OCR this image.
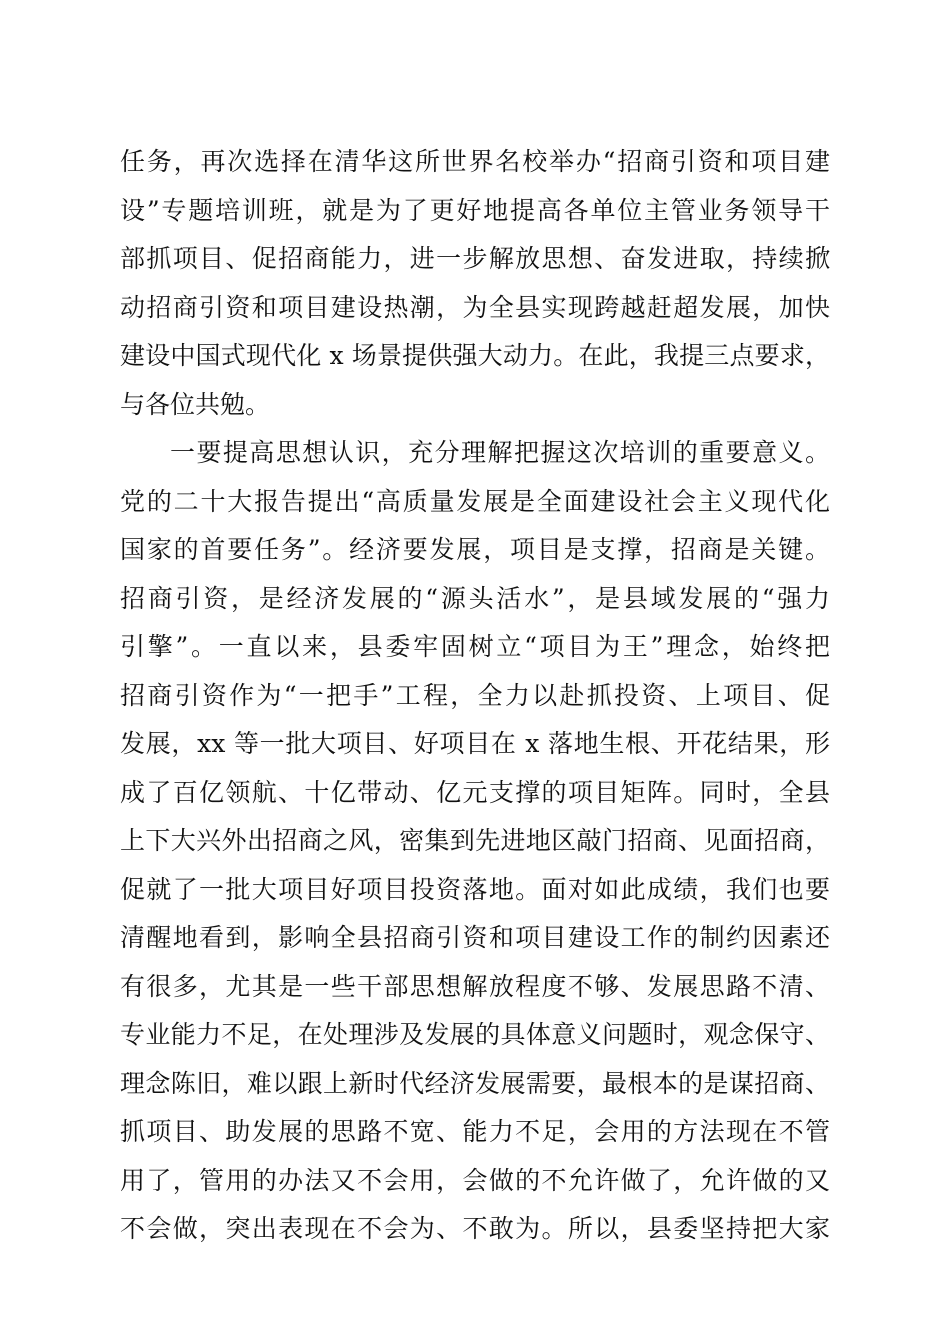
任务，再次选择在清华这所世界名校举办“招商引资和项目建
设”专题培训班，就是为了更好地提高各单位主管业务领导干
部抓项目、促招商能力，进一步解放思想、奋发进取，持续掀
动招商引资和项目建设热潮，为全县实现跨越赶超发展，加快
建设中国式现代化 x 场景提供强大动力。在此，我提三点要求，
与各位共勉。
一要提高思想认识，充分理解把握这次培训的重要意义。
党的二十大报告提出“高质量发展是全面建设社会主义现代化
国家的首要任务”。经济要发展，项目是支撑，招商是关键。
招商引资，是经济发展的“源头活水”，是县域发展的“强力
引擎”。一直以来，县委牢固树立“项目为王”理念，始终把
招商引资作为“一把手”工程，全力以赴抓投资、上项目、促
发展，xx 等一批大项目、好项目在 x 落地生根、开花结果，形
成了百亿领航、十亿带动、亿元支撑的项目矩阵。同时，全县
上下大兴外出招商之风，密集到先进地区敲门招商、见面招商，
促就了一批大项目好项目投资落地。面对如此成绩，我们也要
清醒地看到，影响全县招商引资和项目建设工作的制约因素还
有很多，尤其是一些干部思想解放程度不够、发展思路不清、
专业能力不足，在处理涉及发展的具体意义问题时，观念保守、
理念陈旧，难以跟上新时代经济发展需要，最根本的是谋招商、
抓项目、助发展的思路不宽、能力不足，会用的方法现在不管
用了，管用的办法又不会用，会做的不允许做了，允许做的又
不会做，突出表现在不会为、不敢为。所以，县委坚持把大家
